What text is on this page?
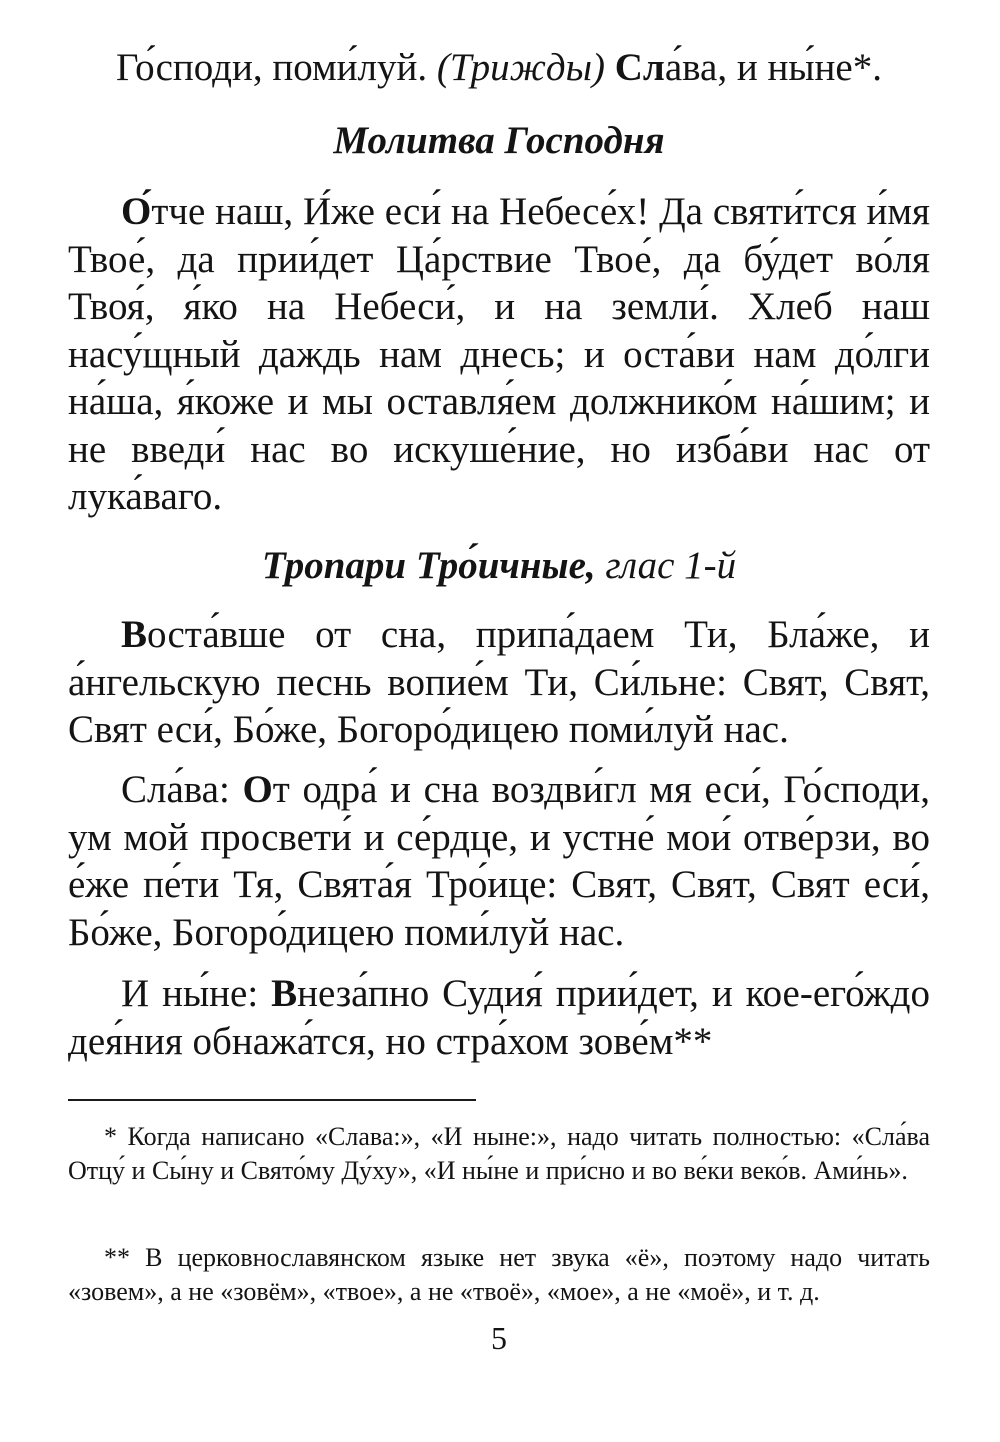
Го́споди, поми́луй. (Трижды) Сла́ва, и ны́не*.
Молитва Господня
О́тче наш, И́же еси́ на Небесе́х! Да святи́тся и́мя Твое́, да прии́дет Ца́рствие Твое́, да бу́дет во́ля Твоя́, я́ко на Небеси́, и на земли́. Хлеб наш насу́щный даждь нам днесь; и оста́ви нам до́лги на́ша, я́коже и мы оставля́ем должнико́м на́шим; и не введи́ нас во искуше́ние, но изба́ви нас от лука́ваго.
Тропари Тро́ичные, глас 1-й
Воста́вше от сна, припа́даем Ти, Бла́же, и а́нгельскую песнь вопие́м Ти, Си́льне: Свят, Свят, Свят еси́, Бо́же, Богоро́дицею поми́луй нас.
Сла́ва: От одра́ и сна воздви́гл мя еси́, Го́споди, ум мой просвети́ и се́рдце, и устне́ мои́ отве́рзи, во е́же пе́ти Тя, Свята́я Тро́ице: Свят, Свят, Свят еси́, Бо́же, Богоро́дицею поми́луй нас.
И ны́не: Внеза́пно Судия́ прии́дет, и кое-его́ждо дея́ния обнажа́тся, но стра́хом зове́м**
* Когда написано «Слава:», «И ныне:», надо читать полностью: «Сла́ва Отцу́ и Сы́ну и Свято́му Ду́ху», «И ны́не и при́сно и во ве́ки веко́в. Ами́нь».
** В церковнославянском языке нет звука «ё», поэтому надо читать «зовем», а не «зовём», «твое», а не «твоё», «мое», а не «моё», и т. д.
5
